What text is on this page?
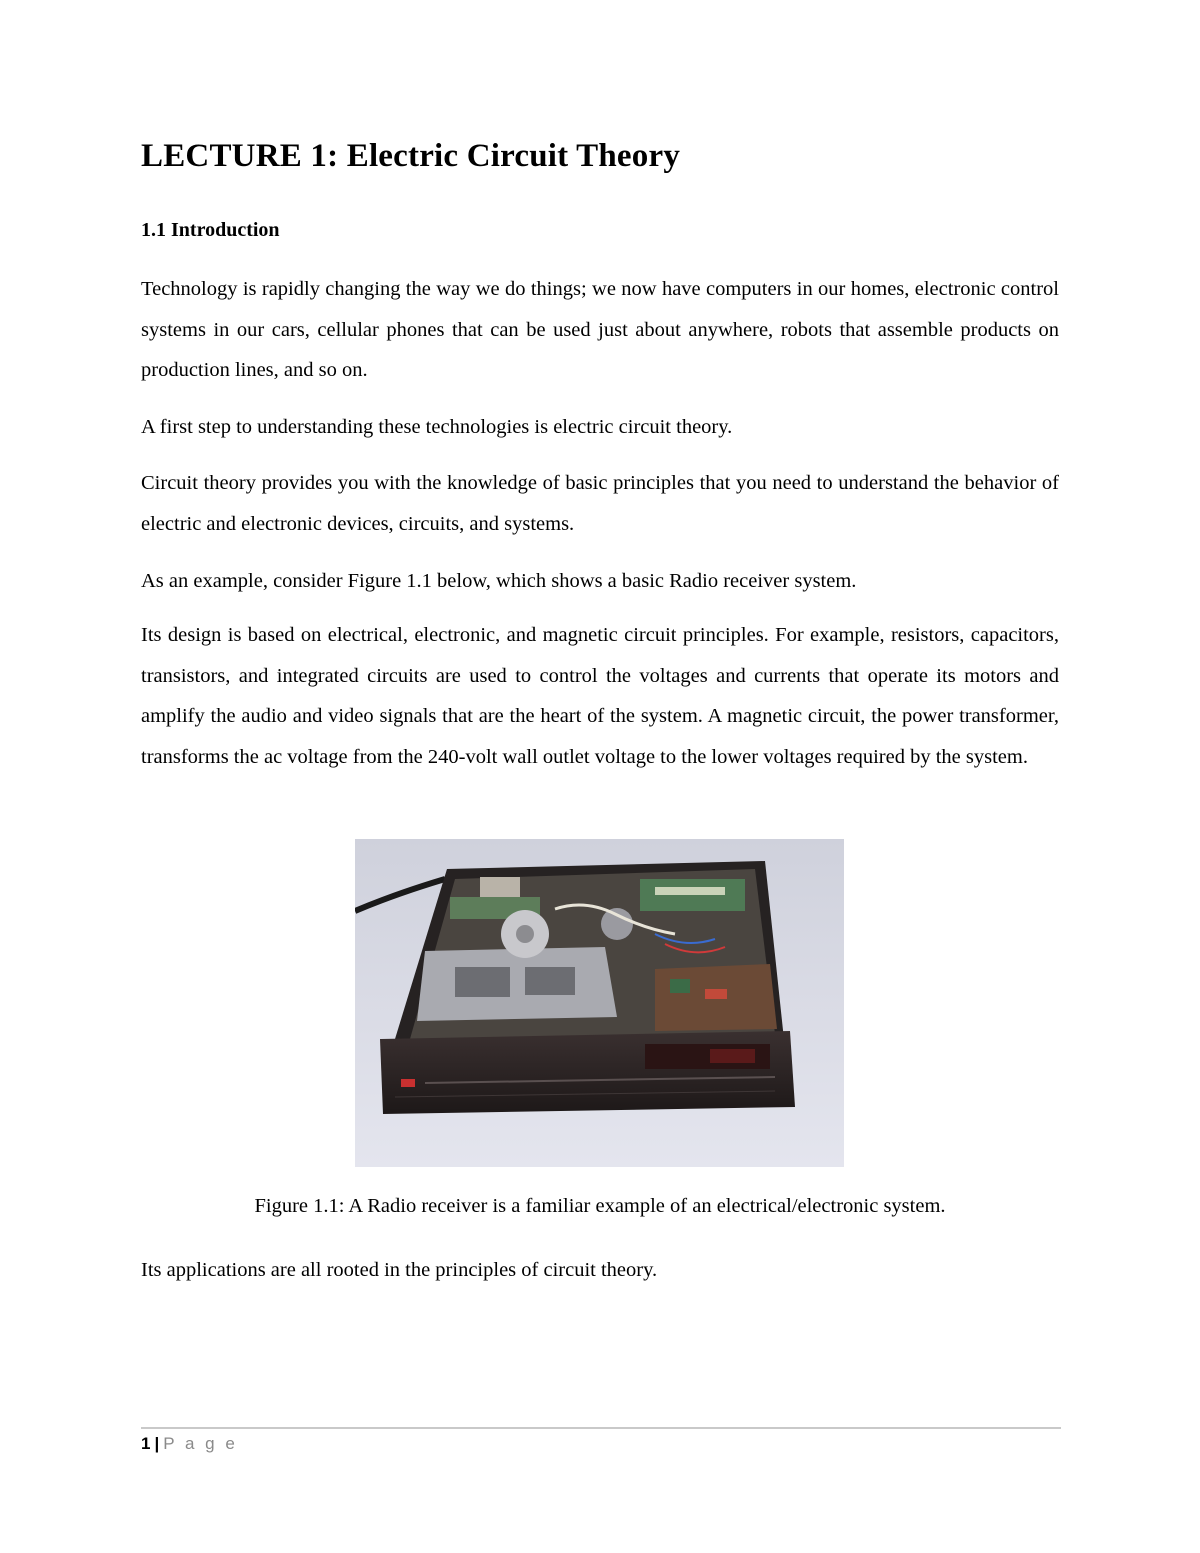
LECTURE 1: Electric Circuit Theory
1.1 Introduction

Technology is rapidly changing the way we do things; we now have computers in our homes, electronic control systems in our cars, cellular phones that can be used just about anywhere, robots that assemble products on production lines, and so on.

A first step to understanding these technologies is electric circuit theory.

Circuit theory provides you with the knowledge of basic principles that you need to understand the behavior of electric and electronic devices, circuits, and systems.

As an example, consider Figure 1.1 below, which shows a basic Radio receiver system.

Its design is based on electrical, electronic, and magnetic circuit principles. For example, resistors, capacitors, transistors, and integrated circuits are used to control the voltages and currents that operate its motors and amplify the audio and video signals that are the heart of the system. A magnetic circuit, the power transformer, transforms the ac voltage from the 240-volt wall outlet voltage to the lower voltages required by the system.

Figure 1.1: A Radio receiver is a familiar example of an electrical/electronic system.

Its applications are all rooted in the principles of circuit theory.

1 | P a g e
